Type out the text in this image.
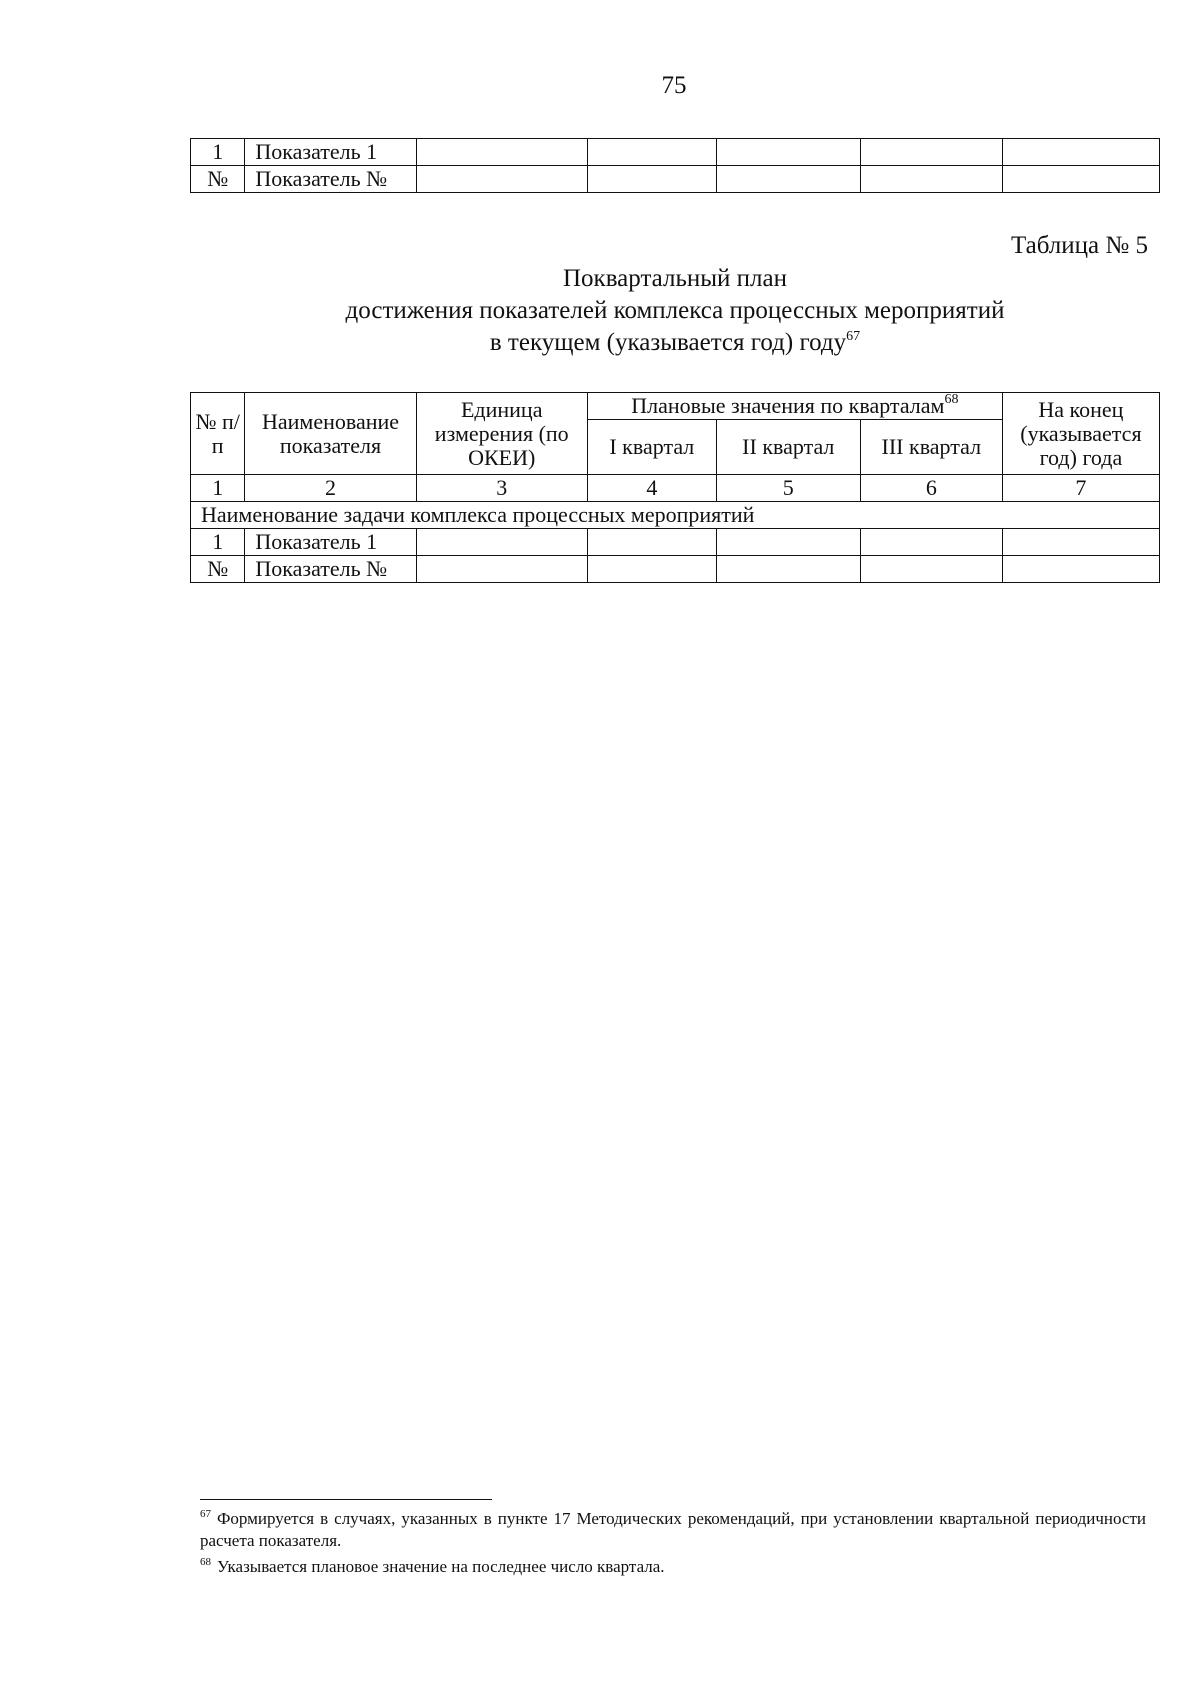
75
1	Показатель 1					
№	Показатель №					
Таблица № 5
Поквартальный план
достижения показателей комплекса процессных мероприятий
в текущем (указывается год) году$^{67}$
№ п/п	Наименование показателя	Единица измерения (по ОКЕИ)	Плановые значения по кварталам$^{68}$			На конец (указывается год) года
			I квартал	II квартал	III квартал	
1	2	3	4	5	6	7
Наименование задачи комплекса процессных мероприятий						
1	Показатель 1					
№	Показатель №					

$^{67}$ Формируется в случаях, указанных в пункте 17 Методических рекомендаций, при установлении квартальной периодичности расчета показателя.

$^{68}$ Указывается плановое значение на последнее число квартала.
